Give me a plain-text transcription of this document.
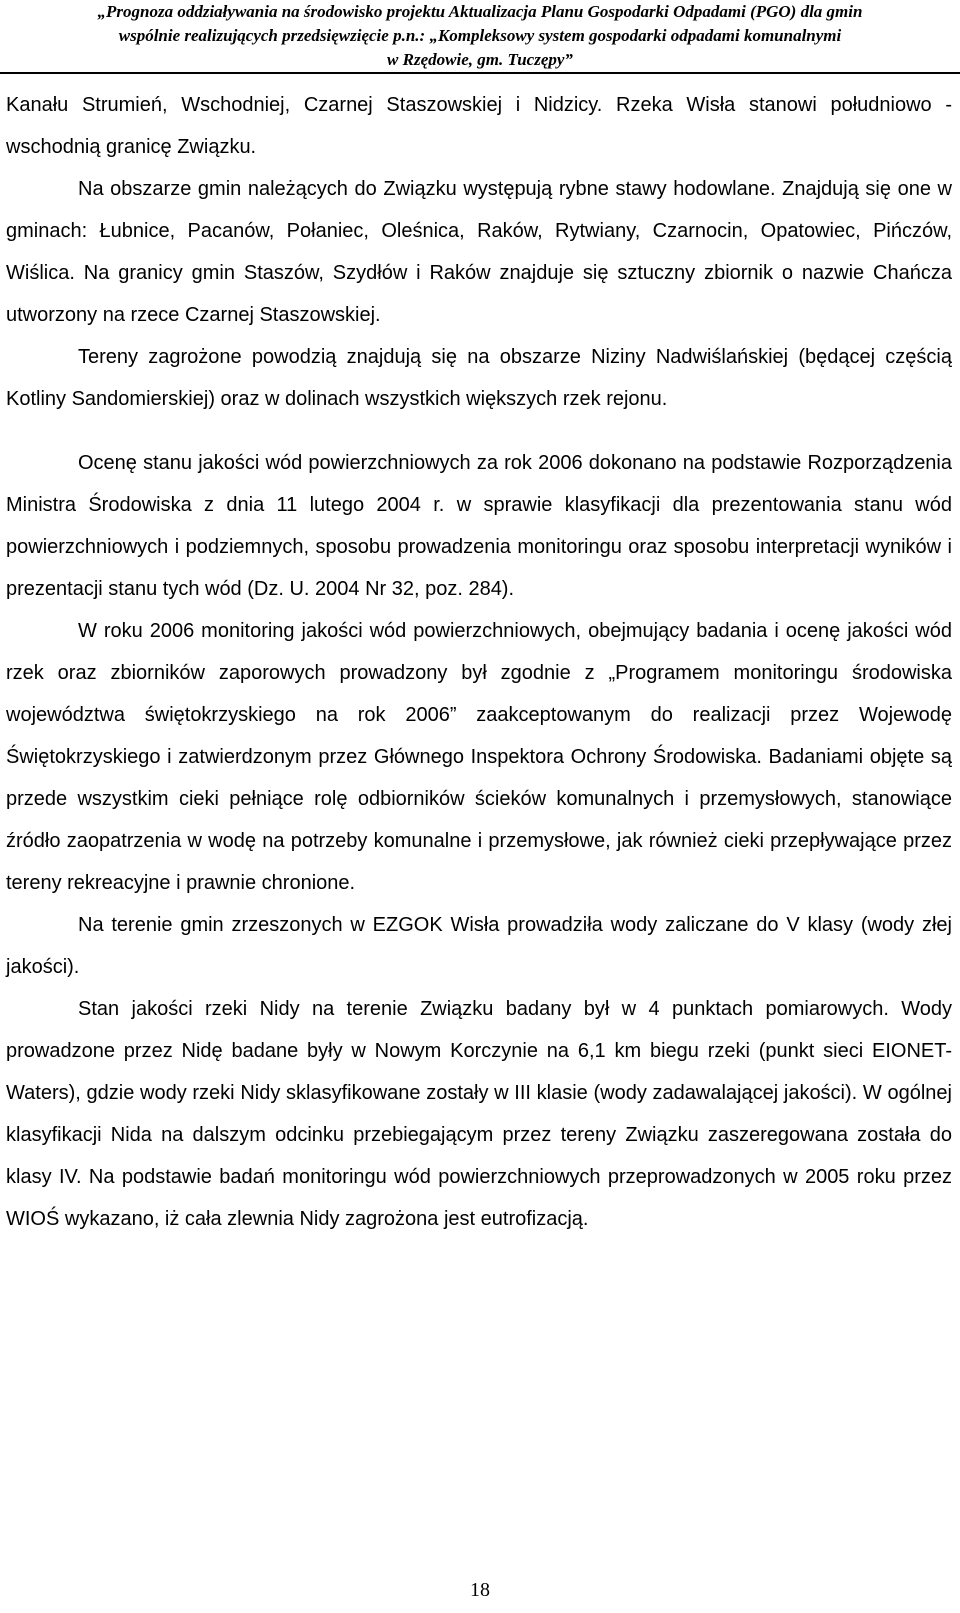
„Prognoza oddziaływania na środowisko projektu Aktualizacja Planu Gospodarki Odpadami (PGO) dla gmin
wspólnie realizujących przedsięwzięcie p.n.: „Kompleksowy system gospodarki odpadami komunalnymi
w Rzędowie, gm. Tuczępy”

Kanału Strumień, Wschodniej, Czarnej Staszowskiej i Nidzicy. Rzeka Wisła stanowi południowo - wschodnią granicę Związku.

Na obszarze gmin należących do Związku występują rybne stawy hodowlane. Znajdują się one w gminach: Łubnice, Pacanów, Połaniec, Oleśnica, Raków, Rytwiany, Czarnocin, Opatowiec, Pińczów, Wiślica. Na granicy gmin Staszów, Szydłów i Raków znajduje się sztuczny zbiornik o nazwie Chańcza utworzony na rzece Czarnej Staszowskiej.

Tereny zagrożone powodzią znajdują się na obszarze Niziny Nadwiślańskiej (będącej częścią Kotliny Sandomierskiej) oraz w dolinach wszystkich większych rzek rejonu.

Ocenę stanu jakości wód powierzchniowych za rok 2006 dokonano na podstawie Rozporządzenia Ministra Środowiska z dnia 11 lutego 2004 r. w sprawie klasyfikacji dla prezentowania stanu wód powierzchniowych i podziemnych, sposobu prowadzenia monitoringu oraz sposobu interpretacji wyników i prezentacji stanu tych wód (Dz. U. 2004 Nr 32, poz. 284).

W roku 2006 monitoring jakości wód powierzchniowych, obejmujący badania i ocenę jakości wód rzek oraz zbiorników zaporowych prowadzony był zgodnie z „Programem monitoringu środowiska województwa świętokrzyskiego na rok 2006” zaakceptowanym do realizacji przez Wojewodę Świętokrzyskiego i zatwierdzonym przez Głównego Inspektora Ochrony Środowiska. Badaniami objęte są przede wszystkim cieki pełniące rolę odbiorników ścieków komunalnych i przemysłowych, stanowiące źródło zaopatrzenia w wodę na potrzeby komunalne i przemysłowe, jak również cieki przepływające przez tereny rekreacyjne i prawnie chronione.

Na terenie gmin zrzeszonych w EZGOK Wisła prowadziła wody zaliczane do V klasy (wody złej jakości).

Stan jakości rzeki Nidy na terenie Związku badany był w 4 punktach pomiarowych. Wody prowadzone przez Nidę badane były w Nowym Korczynie na 6,1 km biegu rzeki (punkt sieci EIONET-Waters), gdzie wody rzeki Nidy sklasyfikowane zostały w III klasie (wody zadawalającej jakości). W ogólnej klasyfikacji Nida na dalszym odcinku przebiegającym przez tereny Związku zaszeregowana została do klasy IV. Na podstawie badań monitoringu wód powierzchniowych przeprowadzonych w 2005 roku przez WIOŚ wykazano, iż cała zlewnia Nidy zagrożona jest eutrofizacją.

18
